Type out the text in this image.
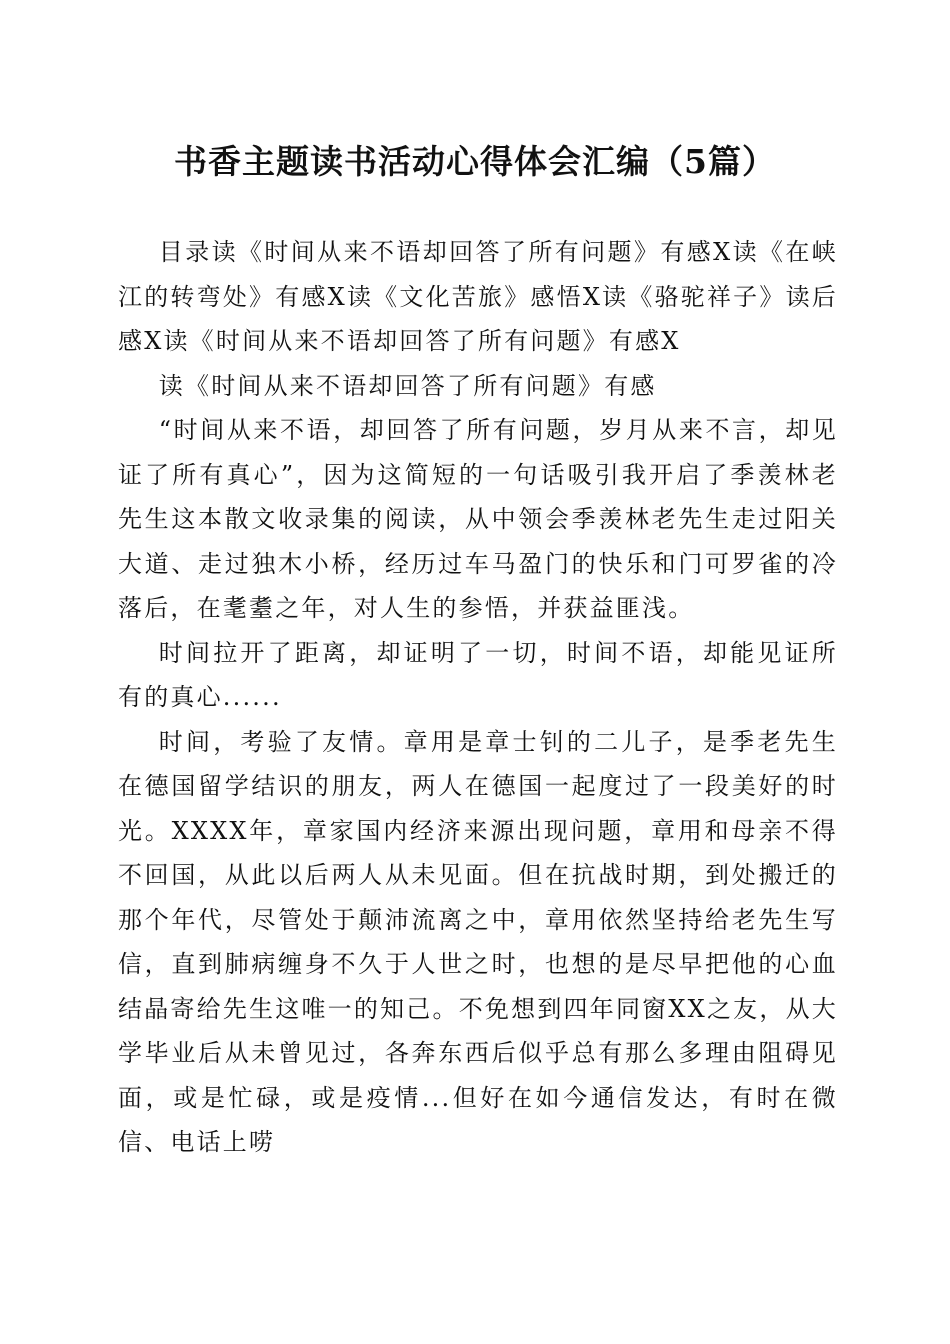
书香主题读书活动心得体会汇编（5篇）

目录读《时间从来不语却回答了所有问题》有感X读《在峡江的转弯处》有感X读《文化苦旅》感悟X读《骆驼祥子》读后感X读《时间从来不语却回答了所有问题》有感X

读《时间从来不语却回答了所有问题》有感

“时间从来不语，却回答了所有问题，岁月从来不言，却见证了所有真心”，因为这简短的一句话吸引我开启了季羡林老先生这本散文收录集的阅读，从中领会季羡林老先生走过阳关大道、走过独木小桥，经历过车马盈门的快乐和门可罗雀的冷落后，在耄耋之年，对人生的参悟，并获益匪浅。

时间拉开了距离，却证明了一切，时间不语，却能见证所有的真心......

时间，考验了友情。章用是章士钊的二儿子，是季老先生在德国留学结识的朋友，两人在德国一起度过了一段美好的时光。XXXX年，章家国内经济来源出现问题，章用和母亲不得不回国，从此以后两人从未见面。但在抗战时期，到处搬迁的那个年代，尽管处于颠沛流离之中，章用依然坚持给老先生写信，直到肺病缠身不久于人世之时，也想的是尽早把他的心血结晶寄给先生这唯一的知己。不免想到四年同窗XX之友，从大学毕业后从未曾见过，各奔东西后似乎总有那么多理由阻碍见面，或是忙碌，或是疫情...但好在如今通信发达，有时在微信、电话上唠
